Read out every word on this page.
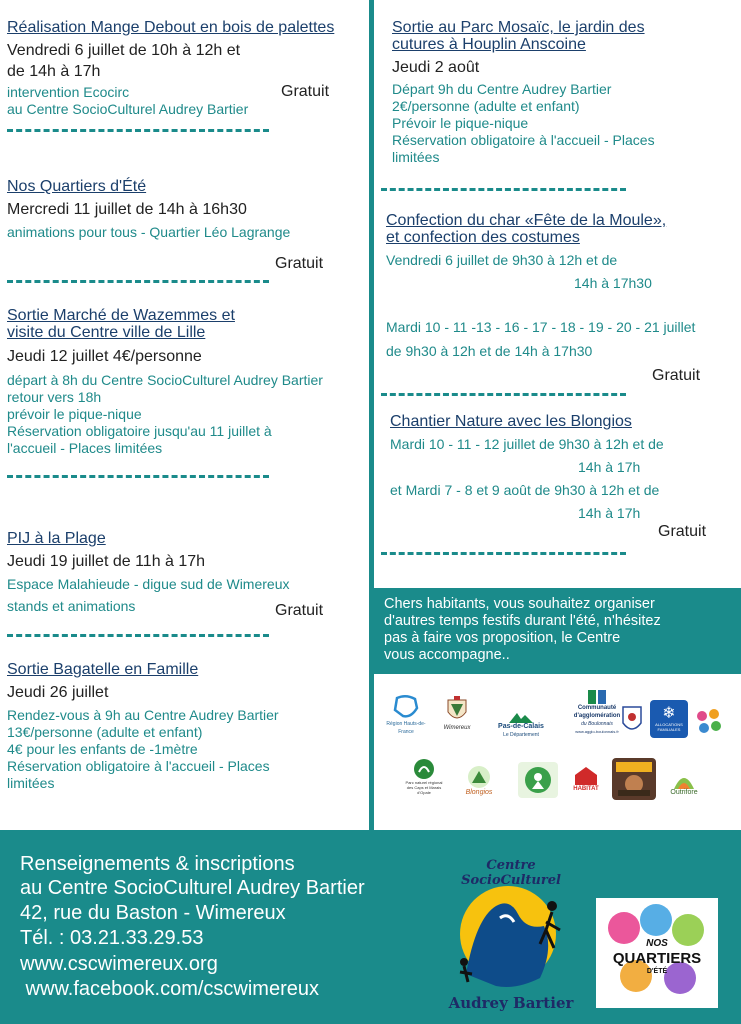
Réalisation Mange Debout en bois de palettes
Vendredi 6 juillet de 10h à 12h et
de 14h à 17h
intervention Ecocirc
au Centre SocioCulturel Audrey Bartier
Gratuit
Nos Quartiers d'Été
Mercredi 11 juillet de 14h à 16h30
animations pour tous - Quartier Léo Lagrange
Gratuit
Sortie Marché de Wazemmes et
visite du Centre ville de Lille
Jeudi 12 juillet 4€/personne
départ à 8h du Centre SocioCulturel Audrey Bartier
retour vers 18h
prévoir le pique-nique
Réservation obligatoire jusqu'au 11 juillet à
l'accueil - Places limitées
PIJ à la Plage
Jeudi 19 juillet de 11h à 17h
Espace Malahieude - digue sud de Wimereux
stands et animations	Gratuit
Sortie Bagatelle en Famille
Jeudi 26 juillet
Rendez-vous à 9h au Centre Audrey Bartier
13€/personne (adulte et enfant)
4€ pour les enfants de -1mètre
Réservation obligatoire à l'accueil - Places
limitées
Sortie au Parc Mosaïc, le jardin des
cutures à Houplin Anscoine
Jeudi 2 août
Départ 9h du Centre Audrey Bartier
2€/personne (adulte et enfant)
Prévoir le pique-nique
Réservation obligatoire à l'accueil - Places
limitées
Confection du char «Fête de la Moule»,
et confection des costumes
Vendredi 6 juillet de 9h30 à 12h et de
14h à 17h30
Mardi 10 - 11 -13 - 16 - 17 - 18 - 19 - 20 - 21 juillet
de 9h30 à 12h et de 14h à 17h30
Gratuit
Chantier Nature avec les Blongios
Mardi 10 - 11 - 12 juillet de 9h30 à 12h et de
14h à 17h
et Mardi 7 - 8 et 9 août de 9h30 à 12h et de
14h à 17h
Gratuit
Chers habitants, vous souhaitez organiser
d'autres temps festifs durant l'été, n'hésitez
pas à faire vos proposition, le Centre
vous accompagne..
Région Hauts-de-France
Wimereux	Pas-de-Calais
Le Département
Communauté
d'agglomération
du Boulonnais
www.agglo-boulonnais.fr
❄
ALLOCATIONS FAMILIALES
Parc naturel régional des Caps et Marais d'Opale	Blongios	HABITAT	Outrifore
Renseignements & inscriptions
au Centre SocioCulturel Audrey Bartier
42, rue du Baston - Wimereux
Tél. : 03.21.33.29.53
www.cscwimereux.org
www.facebook.com/cscwimereux
Centre SocioCulturel
Audrey Bartier
NOS
QUARTIERS
D'ÉTÉ
